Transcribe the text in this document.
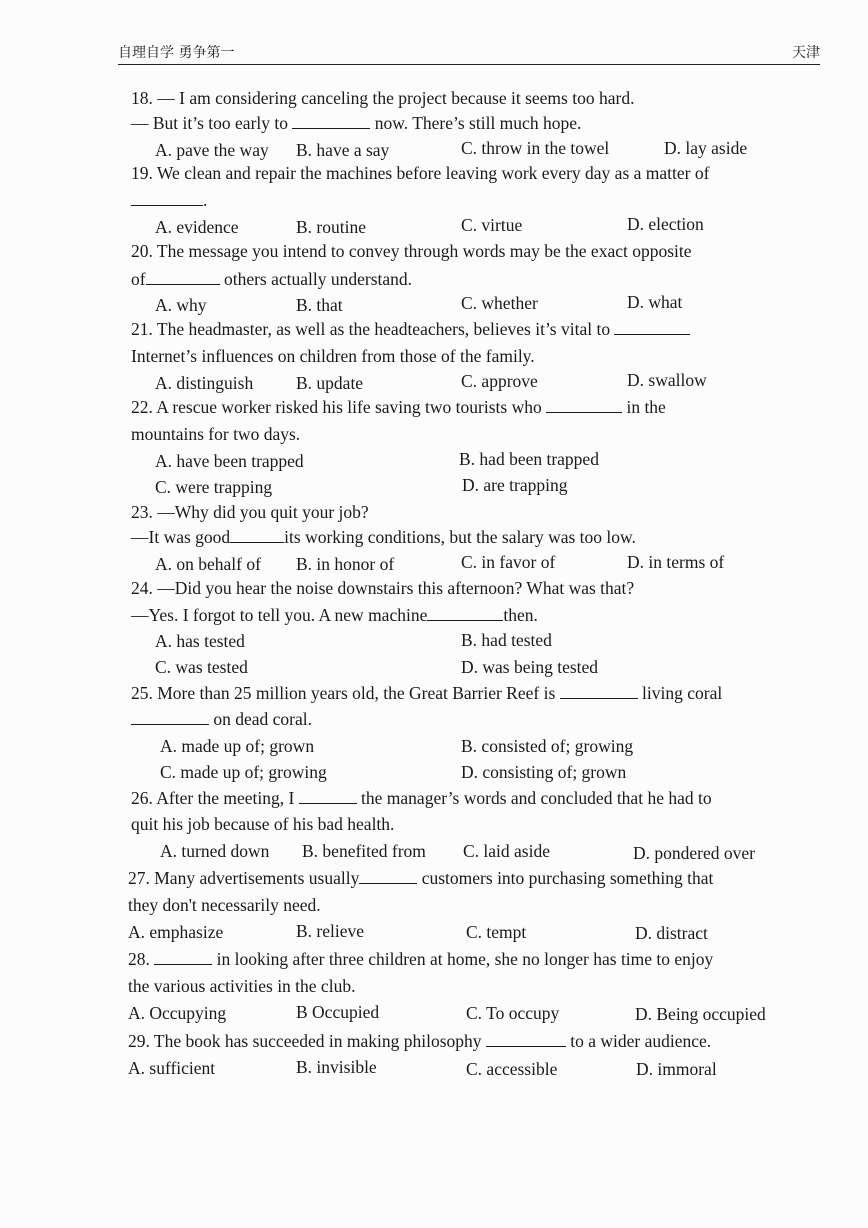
自理自学 勇争第一	天津
18. — I am considering canceling the project because it seems too hard.
— But it’s too early to	now. There’s still much hope.
A. pave the way B. have a say	C. throw in the towel	D. lay aside
19. We clean and repair the machines before leaving work every day as a matter of
.
A. evidence	B. routine	C. virtue	D. election
20. The message you intend to convey through words may be the exact opposite
of	others actually understand.
A. why	B. that	C. whether	D. what
21. The headmaster, as well as the headteachers, believes it’s vital to
Internet’s influences on children from those of the family.
A. distinguish B. update	C. approve	D. swallow
22. A rescue worker risked his life saving two tourists who	in the
mountains for two days.
A. have been trapped	B. had been trapped
C. were trapping	D. are trapping
23. —Why did you quit your job?
—It was good	its working conditions, but the salary was too low.
A. on behalf of B. in honor of	C. in favor of	D. in terms of
24. —Did you hear the noise downstairs this afternoon? What was that?
—Yes. I forgot to tell you. A new machine	then.
A. has tested	B. had tested
C. was tested	D. was being tested
25. More than 25 million years old, the Great Barrier Reef is	living coral
on dead coral.
A. made up of; grown	B. consisted of; growing
C. made up of; growing	D. consisting of; grown
26. After the meeting, I	the manager’s words and concluded that he had to
quit his job because of his bad health.
A. turned down B. benefited from C. laid aside	D. pondered over
27. Many advertisements usually	customers into purchasing something that
they don't necessarily need.
A. emphasize	B. relieve	C. tempt	D. distract
28.	in looking after three children at home, she no longer has time to enjoy
the various activities in the club.
A. Occupying	B Occupied	C. To occupy	D. Being occupied
29. The book has succeeded in making philosophy	to a wider audience.
A. sufficient	B. invisible	C. accessible	D. immoral
